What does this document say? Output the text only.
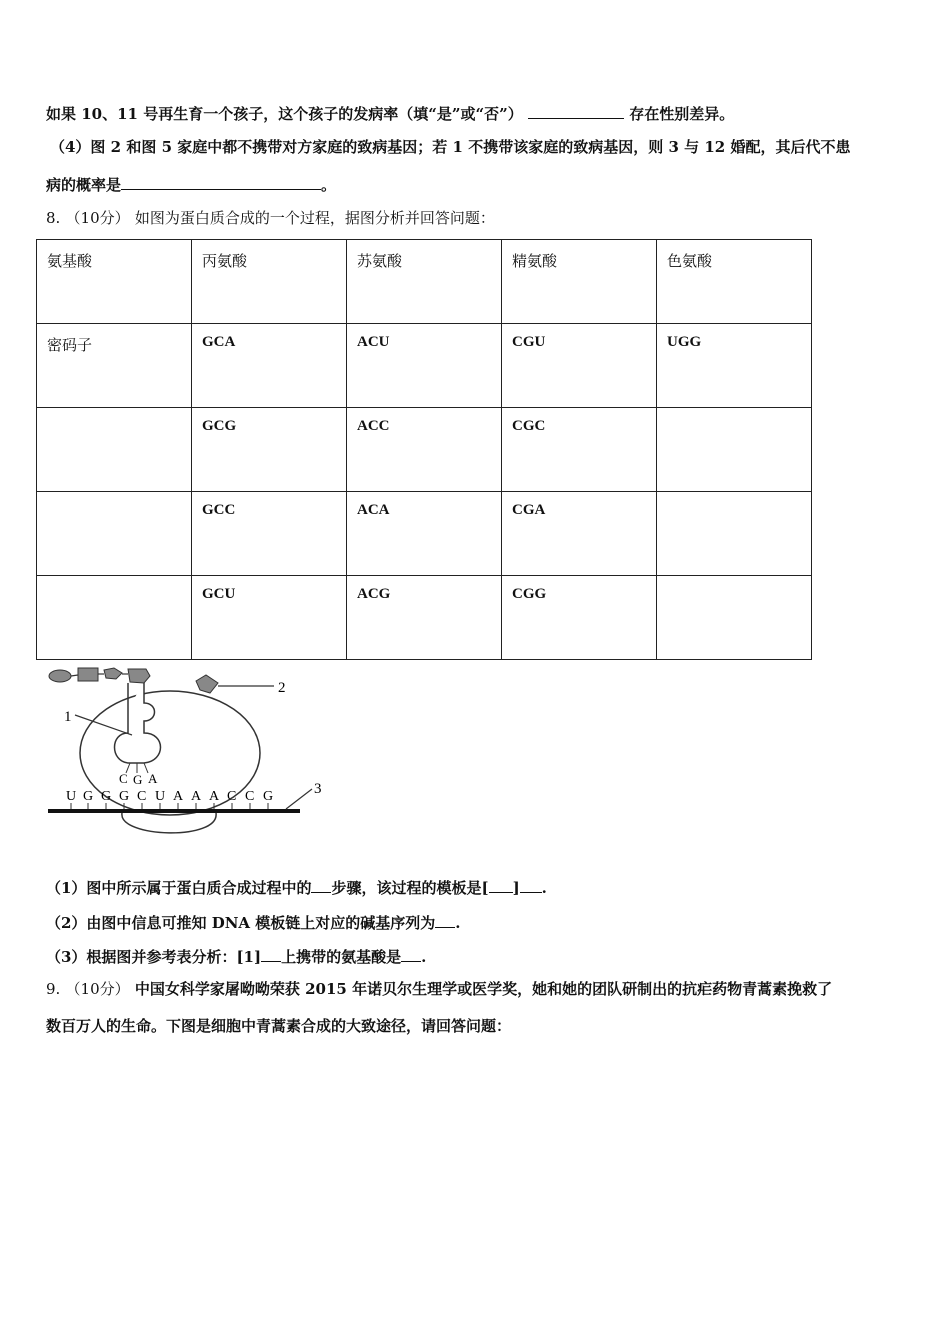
如果 10、11 号再生育一个孩子，这个孩子的发病率（填“是”或“否”）	存在性别差异。
（4）图 2 和图 5 家庭中都不携带对方家庭的致病基因；若 1 不携带该家庭的致病基因，则 3 与 12 婚配，其后代不患
病的概率是	。
8. （10分） 如图为蛋白质合成的一个过程，据图分析并回答问题：
氨基酸	丙氨酸	苏氨酸	精氨酸	色氨酸
密码子	GCA	ACU	CGU	UGG
	GCG	ACC	CGC	
	GCC	ACA	CGA	
	GCU	ACG	CGG	
2
C G A
1
U G G G C U A A A C C G	3
（1）图中所示属于蛋白质合成过程中的 步骤，该过程的模板是[ ] .
（2）由图中信息可推知 DNA 模板链上对应的碱基序列为 .
（3）根据图并参考表分析：[1] 上携带的氨基酸是 .
9. （10分） 中国女科学家屠呦呦荣获 2015 年诺贝尔生理学或医学奖，她和她的团队研制出的抗疟药物青蒿素挽救了
数百万人的生命。下图是细胞中青蒿素合成的大致途径，请回答问题：
